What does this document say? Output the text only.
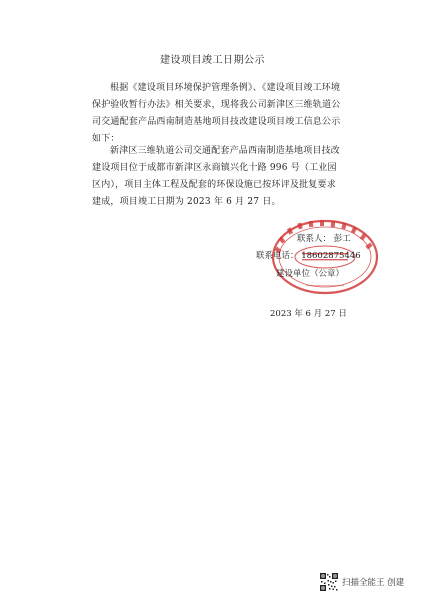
建设项目竣工日期公示

根据《建设项目环境保护管理条例》、《建设项目竣工环境保护验收暂行办法》相关要求，现将我公司新津区三维轨道公司交通配套产品西南制造基地项目技改建设项目竣工信息公示如下：

新津区三维轨道公司交通配套产品西南制造基地项目技改建设项目位于成都市新津区永商镇兴化十路 996 号（工业园区内），项目主体工程及配套的环保设施已按环评及批复要求建成，项目竣工日期为 2023 年 6 月 27 日。

联系人： 彭工
联系电话： 18602875446
建设单位（公章）
2023 年 6 月 27 日
扫描全能王 创建
